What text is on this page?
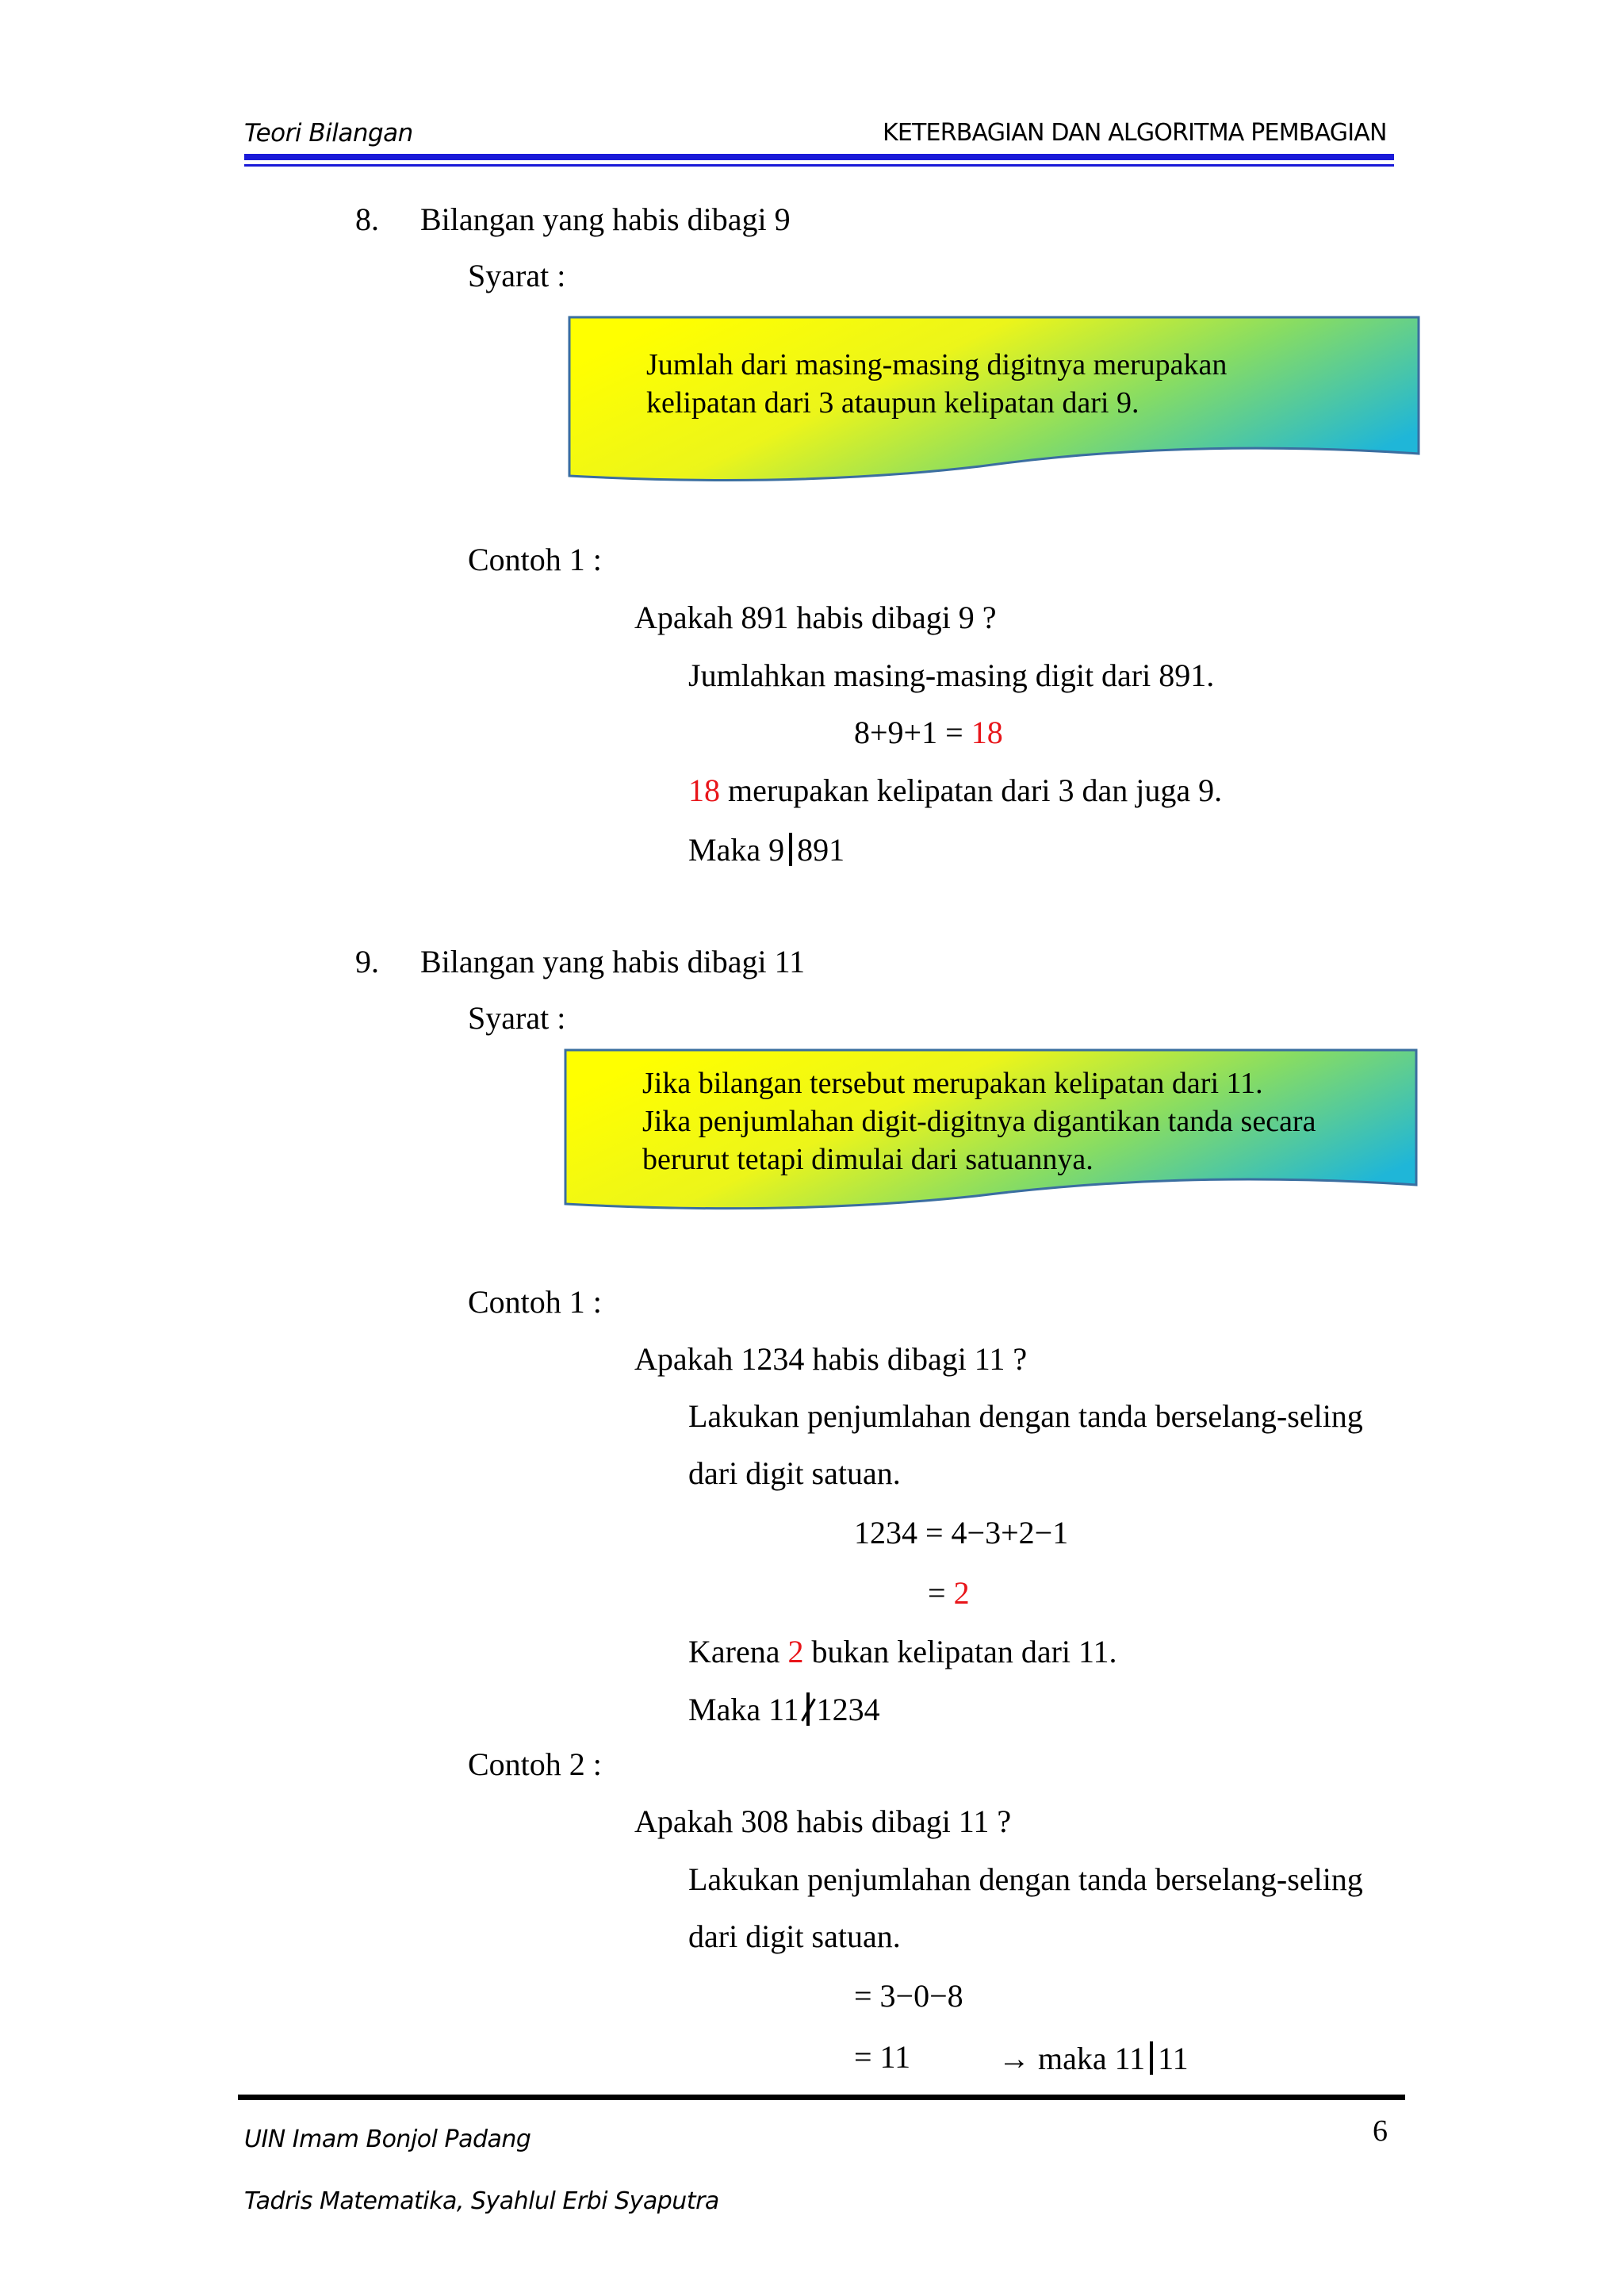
Teori Bilangan	KETERBAGIAN DAN ALGORITMA PEMBAGIAN
8. Bilangan yang habis dibagi 9
Syarat :
Jumlah dari masing-masing digitnya merupakan
kelipatan dari 3 ataupun kelipatan dari 9.
Contoh 1 :
Apakah 891 habis dibagi 9 ?
Jumlahkan masing-masing digit dari 891.
8+9+1 = 18
18 merupakan kelipatan dari 3 dan juga 9.
Maka 9 891
9. Bilangan yang habis dibagi 11
Syarat :
Jika bilangan tersebut merupakan kelipatan dari 11.
Jika penjumlahan digit-digitnya digantikan tanda secara
berurut tetapi dimulai dari satuannya.
Contoh 1 :
Apakah 1234 habis dibagi 11 ?
Lakukan penjumlahan dengan tanda berselang-seling
dari digit satuan.
1234 = 4−3+2−1
= 2
Karena 2 bukan kelipatan dari 11.
Maka 11 1234
Contoh 2 :
Apakah 308 habis dibagi 11 ?
Lakukan penjumlahan dengan tanda berselang-seling
dari digit satuan.
= 3−0−8
= 11	→ maka 11 11
6
UIN Imam Bonjol Padang
Tadris Matematika, Syahlul Erbi Syaputra
